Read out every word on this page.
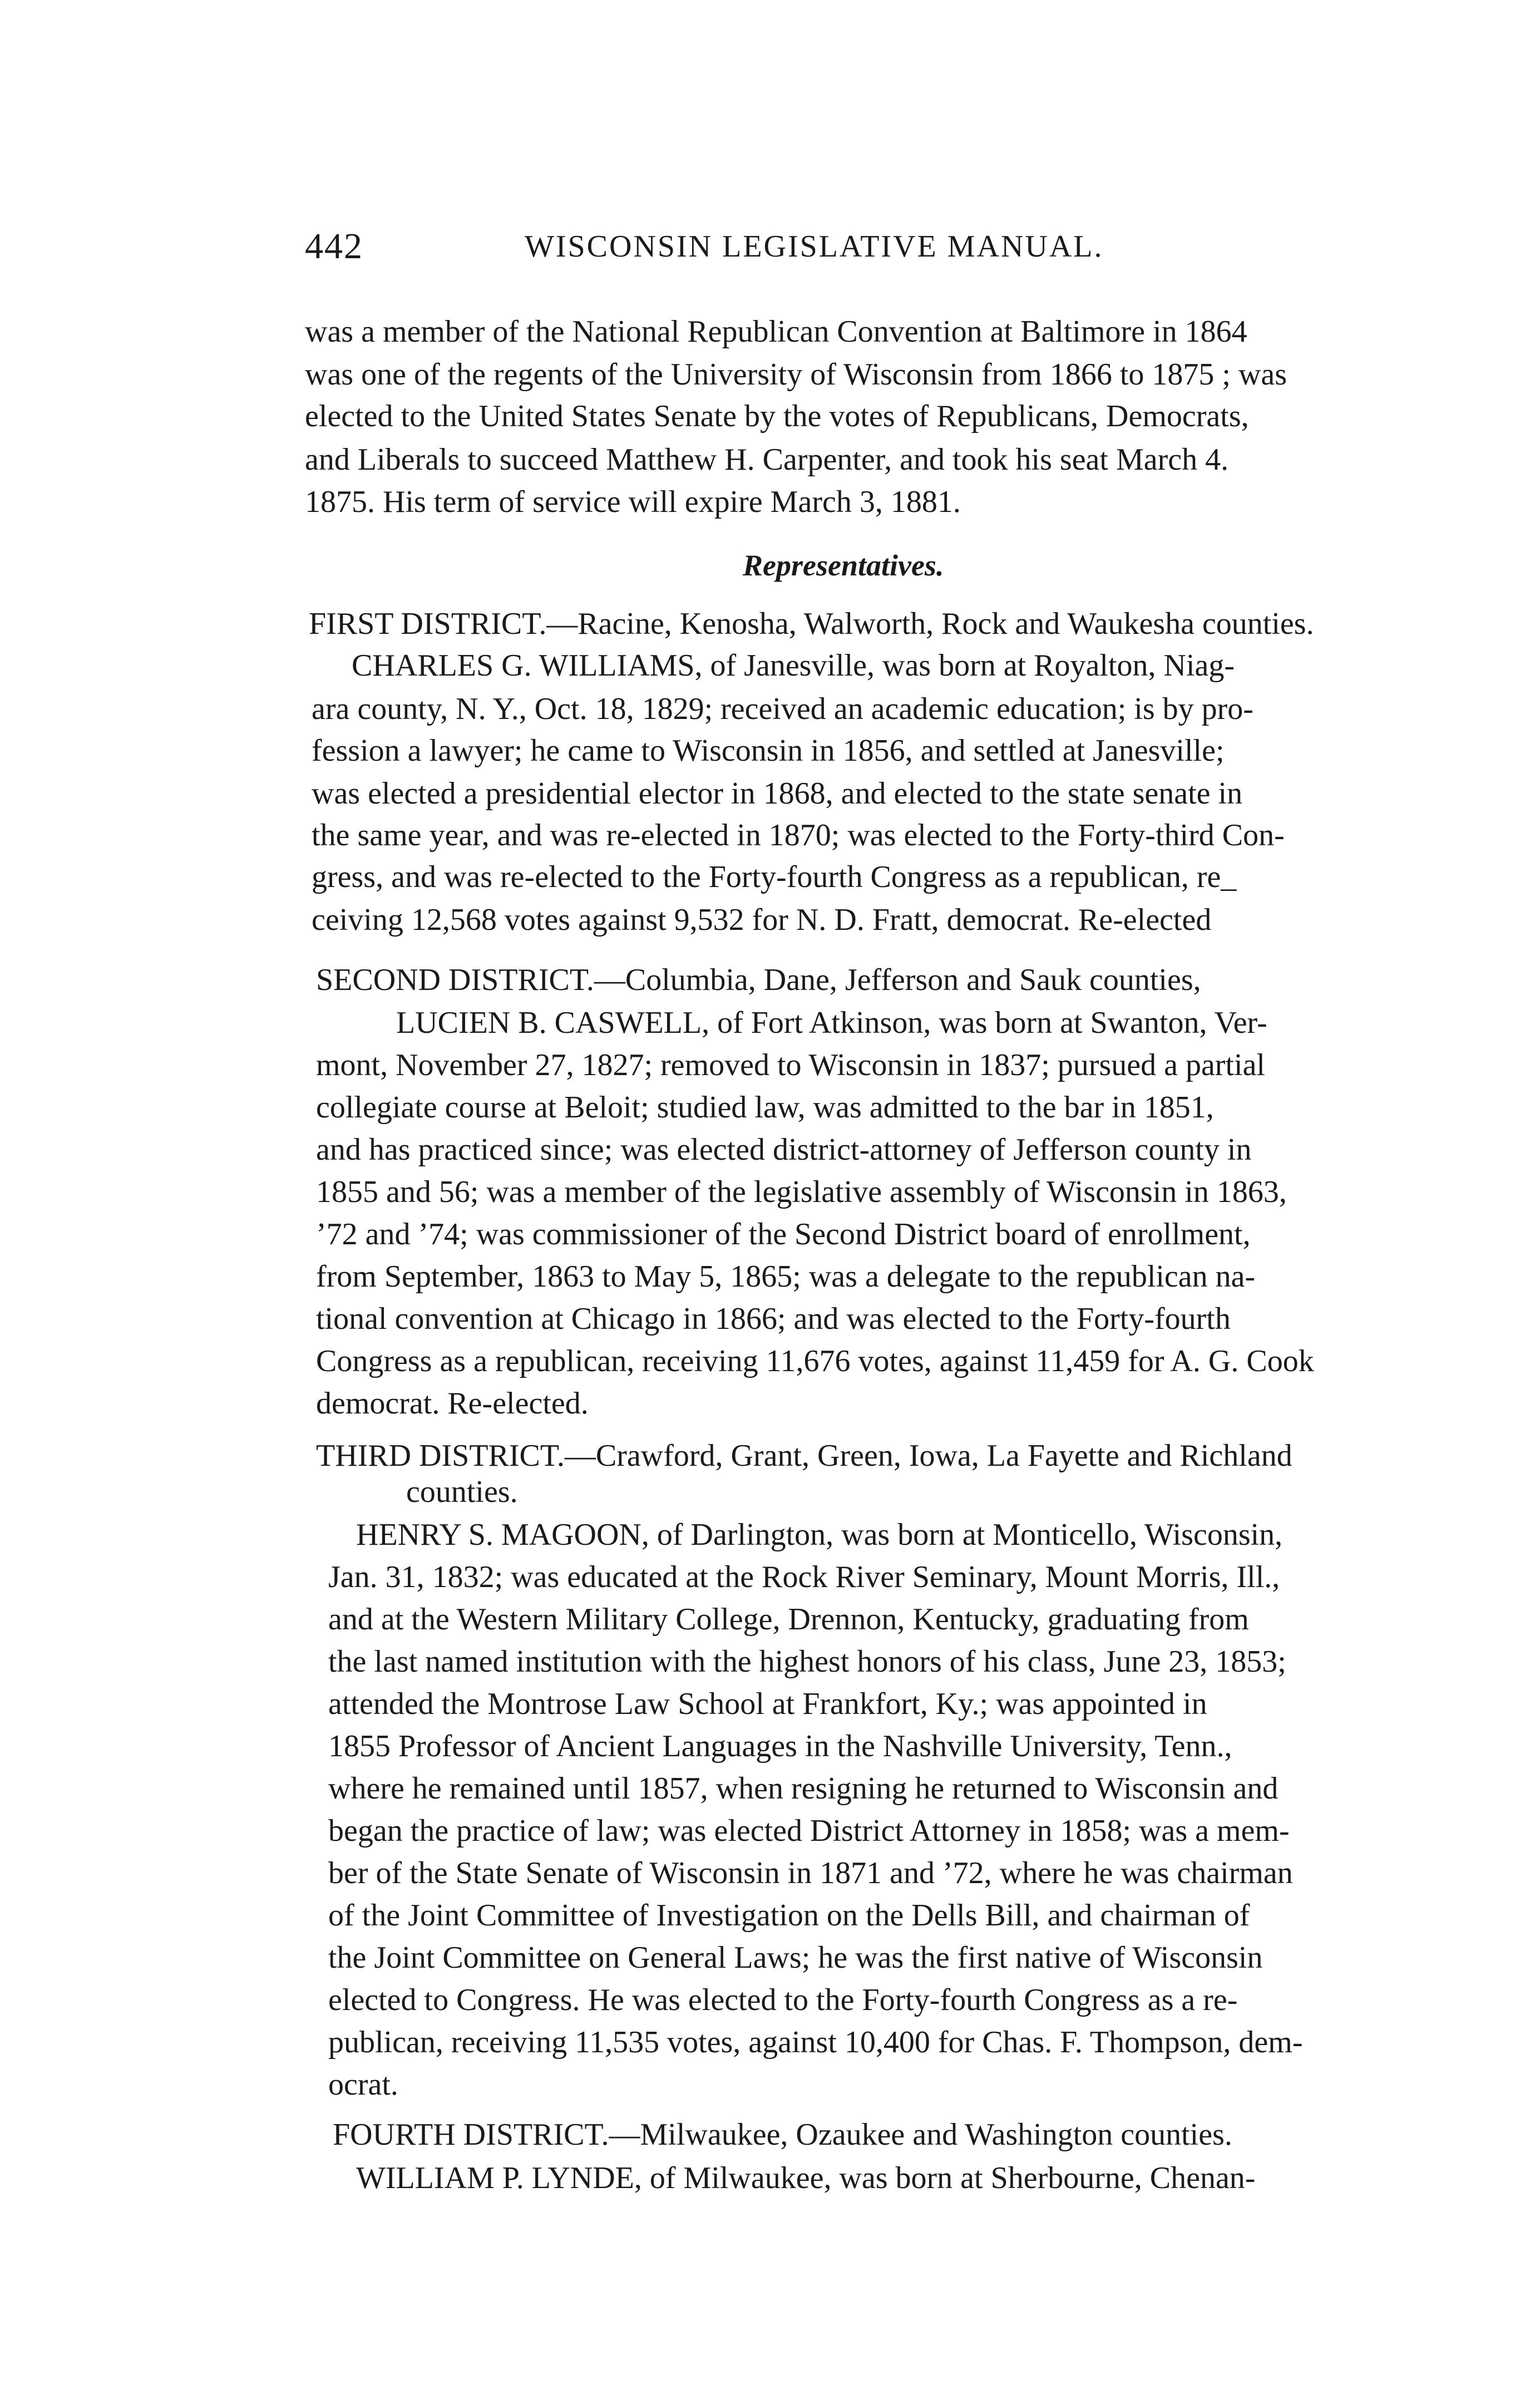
442	WISCONSIN LEGISLATIVE MANUAL.
was a member of the National Republican Convention at Baltimore in 1864
was one of the regents of the University of Wisconsin from 1866 to 1875 ; was
elected to the United States Senate by the votes of Republicans, Democrats,
and Liberals to succeed Matthew H. Carpenter, and took his seat March 4.
1875. His term of service will expire March 3, 1881.
Representatives.
FIRST DISTRICT.—Racine, Kenosha, Walworth, Rock and Waukesha counties.
CHARLES G. WILLIAMS, of Janesville, was born at Royalton, Niag-
ara county, N. Y., Oct. 18, 1829; received an academic education; is by pro-
fession a lawyer; he came to Wisconsin in 1856, and settled at Janesville;
was elected a presidential elector in 1868, and elected to the state senate in
the same year, and was re-elected in 1870; was elected to the Forty-third Con-
gress, and was re-elected to the Forty-fourth Congress as a republican, re_
ceiving 12,568 votes against 9,532 for N. D. Fratt, democrat. Re-elected
SECOND DISTRICT.—Columbia, Dane, Jefferson and Sauk counties,
LUCIEN B. CASWELL, of Fort Atkinson, was born at Swanton, Ver-
mont, November 27, 1827; removed to Wisconsin in 1837; pursued a partial
collegiate course at Beloit; studied law, was admitted to the bar in 1851,
and has practiced since; was elected district-attorney of Jefferson county in
1855 and 56; was a member of the legislative assembly of Wisconsin in 1863,
’72 and ’74; was commissioner of the Second District board of enrollment,
from September, 1863 to May 5, 1865; was a delegate to the republican na-
tional convention at Chicago in 1866; and was elected to the Forty-fourth
Congress as a republican, receiving 11,676 votes, against 11,459 for A. G. Cook
democrat. Re-elected.
THIRD DISTRICT.—Crawford, Grant, Green, Iowa, La Fayette and Richland
counties.
HENRY S. MAGOON, of Darlington, was born at Monticello, Wisconsin,
Jan. 31, 1832; was educated at the Rock River Seminary, Mount Morris, Ill.,
and at the Western Military College, Drennon, Kentucky, graduating from
the last named institution with the highest honors of his class, June 23, 1853;
attended the Montrose Law School at Frankfort, Ky.; was appointed in
1855 Professor of Ancient Languages in the Nashville University, Tenn.,
where he remained until 1857, when resigning he returned to Wisconsin and
began the practice of law; was elected District Attorney in 1858; was a mem-
ber of the State Senate of Wisconsin in 1871 and ’72, where he was chairman
of the Joint Committee of Investigation on the Dells Bill, and chairman of
the Joint Committee on General Laws; he was the first native of Wisconsin
elected to Congress. He was elected to the Forty-fourth Congress as a re-
publican, receiving 11,535 votes, against 10,400 for Chas. F. Thompson, dem-
ocrat.
FOURTH DISTRICT.—Milwaukee, Ozaukee and Washington counties.
WILLIAM P. LYNDE, of Milwaukee, was born at Sherbourne, Chenan-
